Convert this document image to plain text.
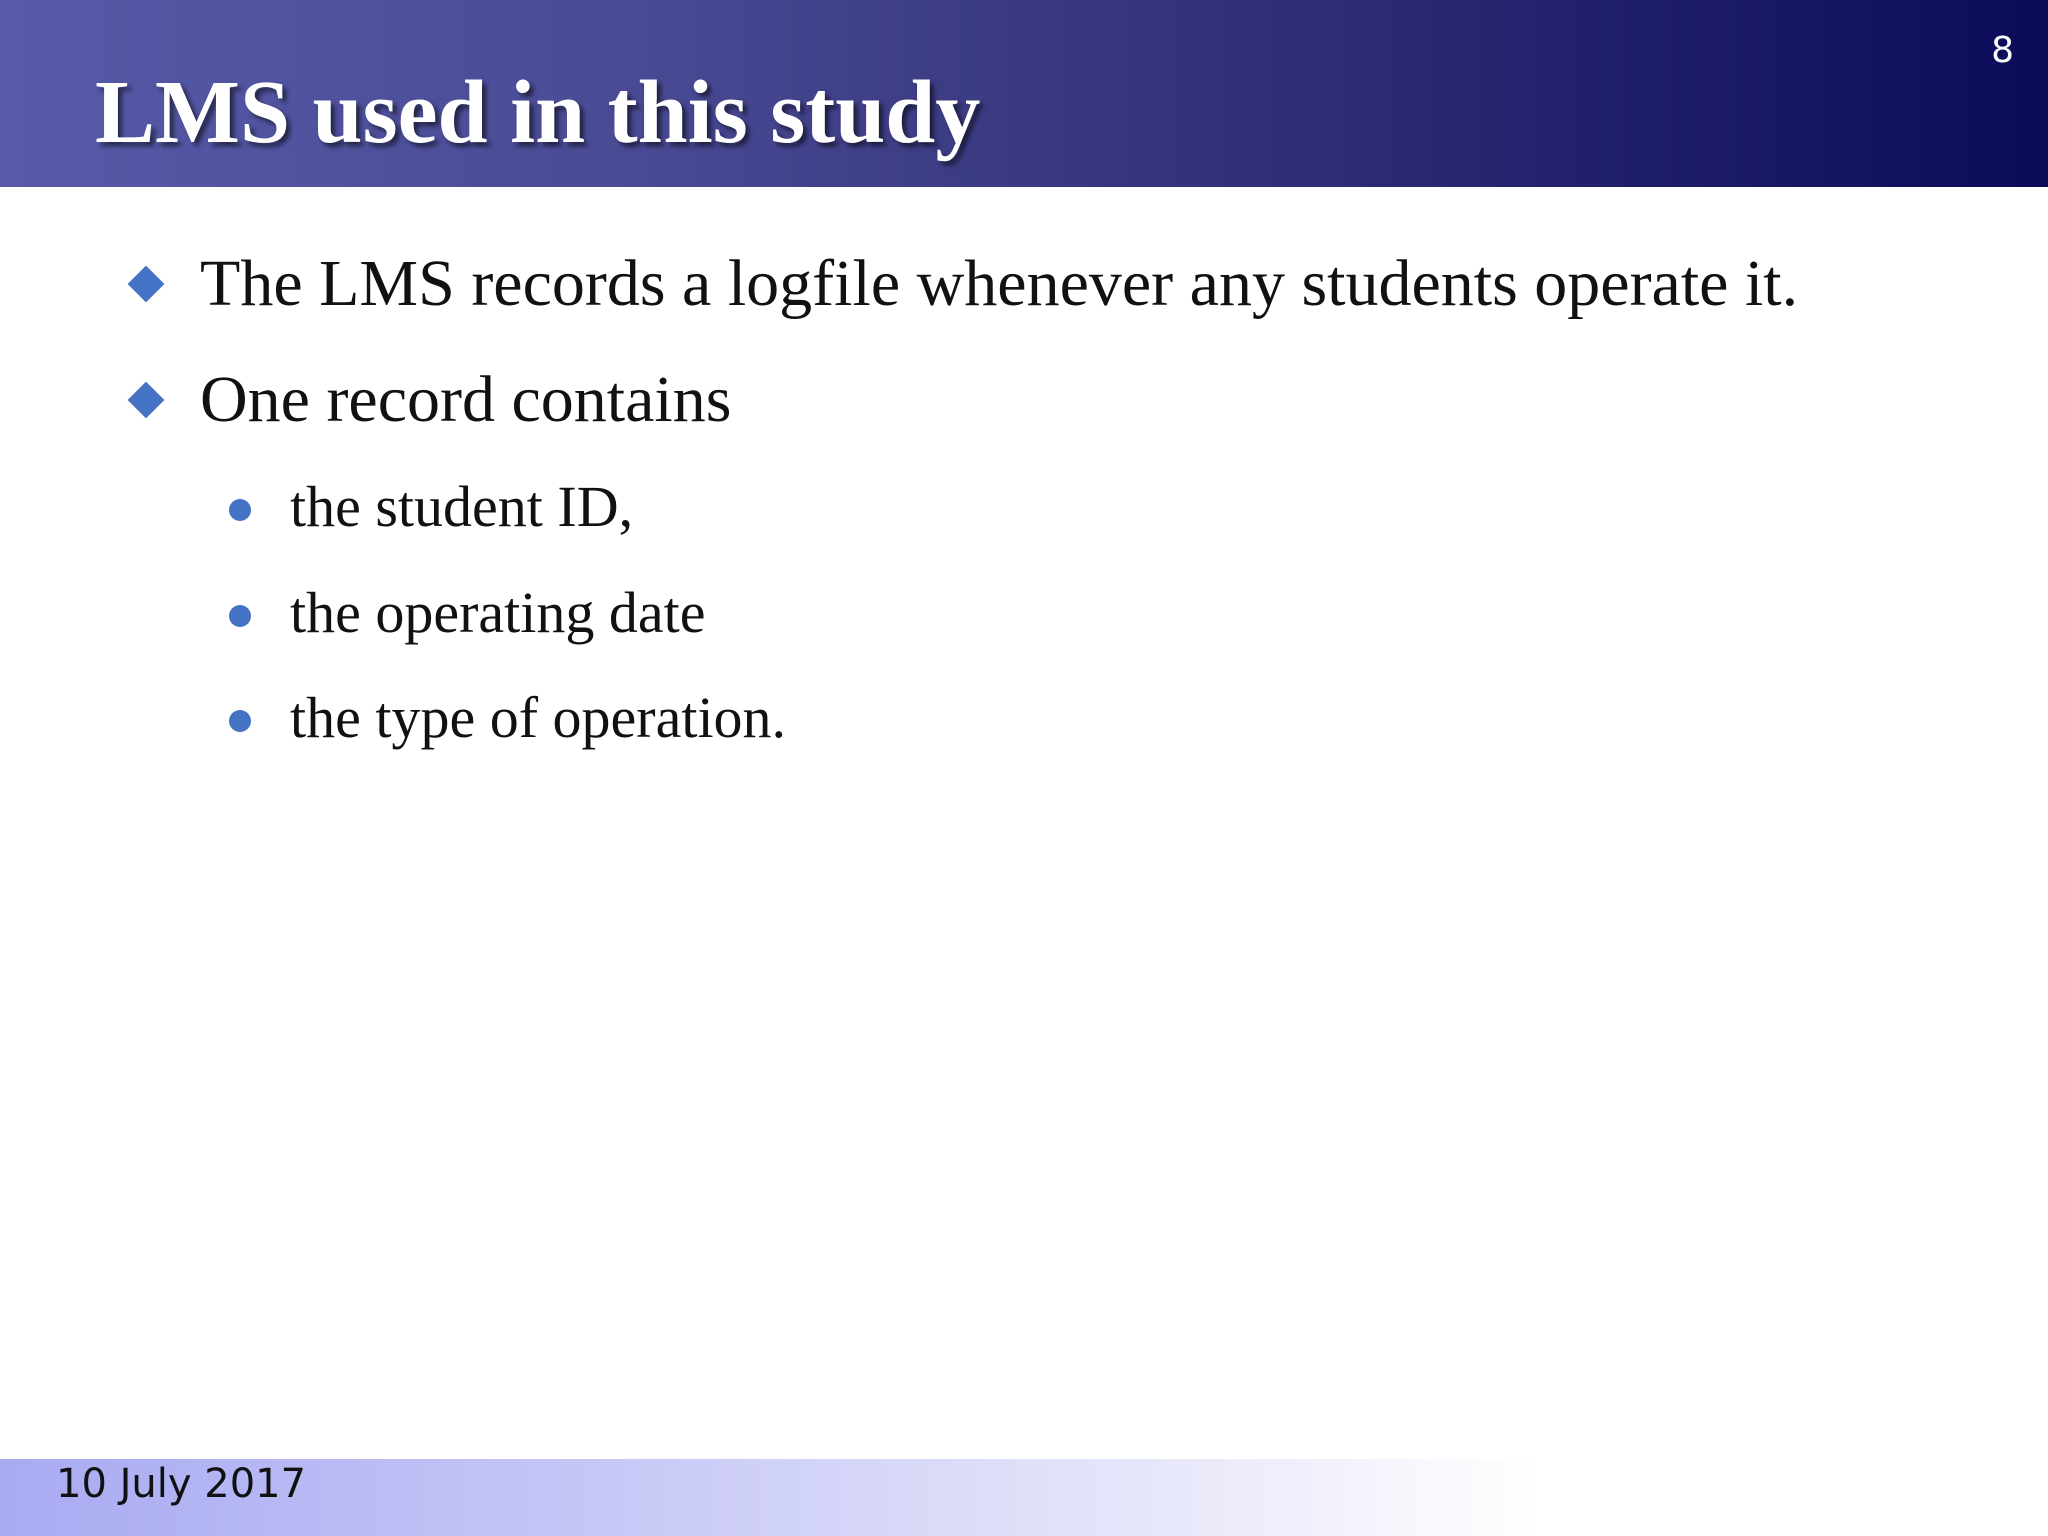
LMS used in this study
8
The LMS records a logfile whenever any students operate it.
One record contains
the student ID,
the operating date
the type of operation.
10 July 2017
